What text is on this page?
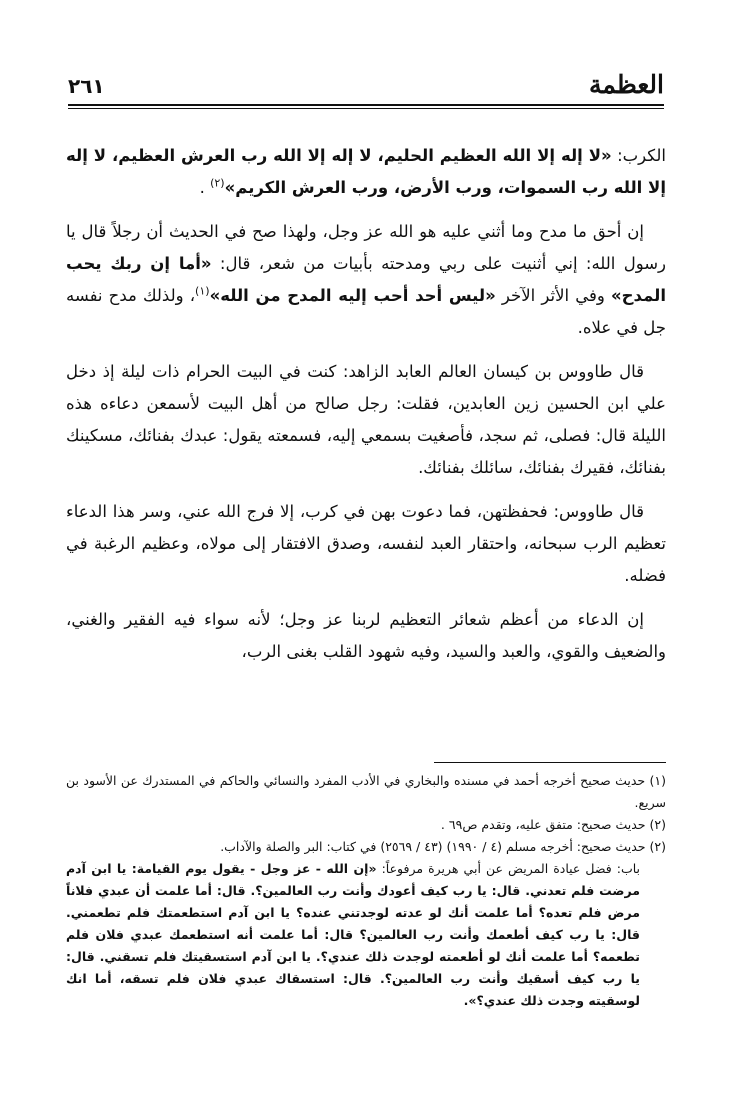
العظمة
٢٦١

الكرب: «لا إله إلا الله العظيم الحليم، لا إله إلا الله رب العرش العظيم، لا إله إلا الله رب السموات، ورب الأرض، ورب العرش الكريم»$^{(٢)}$ .

إن أحق ما مدح وما أثني عليه هو الله عز وجل، ولهذا صح في الحديث أن رجلاً قال يا رسول الله: إني أثنيت على ربي ومدحته بأبيات من شعر، قال: «أما إن ربك يحب المدح» وفي الأثر الآخر «ليس أحد أحب إليه المدح من الله»$^{(١)}$، ولذلك مدح نفسه جل في علاه.

قال طاووس بن كيسان العالم العابد الزاهد: كنت في البيت الحرام ذات ليلة إذ دخل علي ابن الحسين زين العابدين، فقلت: رجل صالح من أهل البيت لأسمعن دعاءه هذه الليلة قال: فصلى، ثم سجد، فأصغيت بسمعي إليه، فسمعته يقول: عبدك بفنائك، مسكينك بفنائك، فقيرك بفنائك، سائلك بفنائك.

قال طاووس: فحفظتهن، فما دعوت بهن في كرب، إلا فرج الله عني، وسر هذا الدعاء تعظيم الرب سبحانه، واحتقار العبد لنفسه، وصدق الافتقار إلى مولاه، وعظيم الرغبة في فضله.

إن الدعاء من أعظم شعائر التعظيم لربنا عز وجل؛ لأنه سواء فيه الفقير والغني، والضعيف والقوي، والعبد والسيد، وفيه شهود القلب بغنى الرب،

(١) حديث صحيح أخرجه أحمد في مسنده والبخاري في الأدب المفرد والنسائي والحاكم في المستدرك عن الأسود بن سريع.

(٢) حديث صحيح: متفق عليه، وتقدم ص٦٩ .

(٢) حديث صحيح: أخرجه مسلم (٤ / ١٩٩٠) (٤٣ / ٢٥٦٩) في كتاب: البر والصلة والآداب.

باب: فضل عيادة المريض عن أبي هريرة مرفوعاً: «إن الله - عز وجل - يقول يوم القيامة: يا ابن آدم مرضت فلم تعدني. قال: يا رب كيف أعودك وأنت رب العالمين؟. قال: أما علمت أن عبدي فلاناً مرض فلم تعده؟ أما علمت أنك لو عدته لوجدتني عنده؟ يا ابن آدم استطعمتك فلم تطعمني. قال: يا رب كيف أطعمك وأنت رب العالمين؟ قال: أما علمت أنه استطعمك عبدي فلان فلم تطعمه؟ أما علمت أنك لو أطعمته لوجدت ذلك عندي؟. يا ابن آدم استسقيتك فلم تسقني. قال: يا رب كيف أسقيك وأنت رب العالمين؟. قال: استسقاك عبدي فلان فلم تسقه، أما انك لوسقيته وجدت ذلك عندي؟».
